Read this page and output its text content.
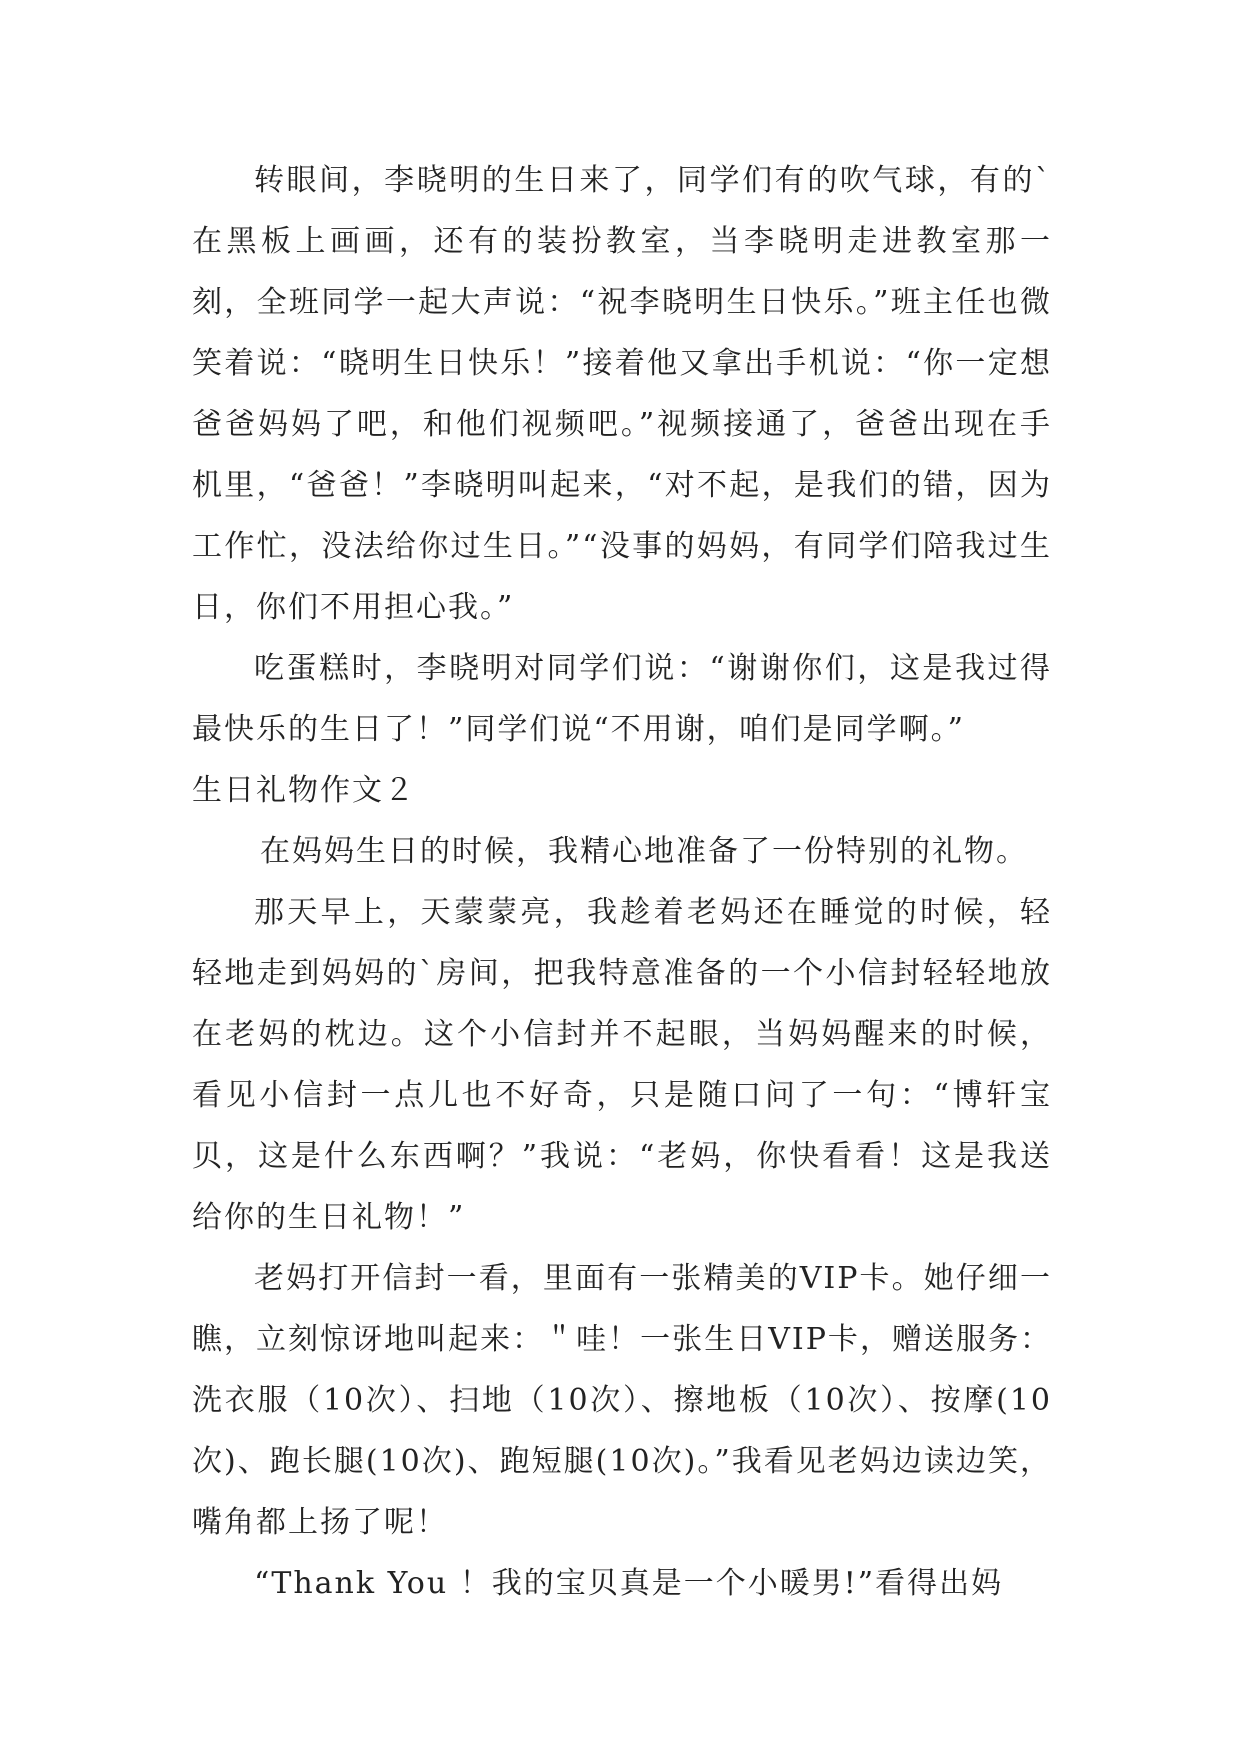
转眼间，李晓明的生日来了，同学们有的吹气球，有的`在黑板上画画，还有的装扮教室，当李晓明走进教室那一刻，全班同学一起大声说：“祝李晓明生日快乐。”班主任也微笑着说：“晓明生日快乐！”接着他又拿出手机说：“你一定想爸爸妈妈了吧，和他们视频吧。”视频接通了，爸爸出现在手机里，“爸爸！”李晓明叫起来，“对不起，是我们的错，因为工作忙，没法给你过生日。”“没事的妈妈，有同学们陪我过生日，你们不用担心我。”

吃蛋糕时，李晓明对同学们说：“谢谢你们，这是我过得最快乐的生日了！”同学们说“不用谢，咱们是同学啊。”

生日礼物作文２

在妈妈生日的时候，我精心地准备了一份特别的礼物。

那天早上，天蒙蒙亮，我趁着老妈还在睡觉的时候，轻轻地走到妈妈的`房间，把我特意准备的一个小信封轻轻地放在老妈的枕边。这个小信封并不起眼，当妈妈醒来的时候，看见小信封一点儿也不好奇，只是随口问了一句：“博轩宝贝，这是什么东西啊？”我说：“老妈，你快看看！这是我送给你的生日礼物！”

老妈打开信封一看，里面有一张精美的VIP卡。她仔细一瞧，立刻惊讶地叫起来：＂哇！一张生日VIP卡，赠送服务：洗衣服（10次）、扫地（10次）、擦地板（10次）、按摩(10次)、跑长腿(10次)、跑短腿(10次)。”我看见老妈边读边笑，嘴角都上扬了呢！

“Thank You ！我的宝贝真是一个小暖男!”看得出妈
